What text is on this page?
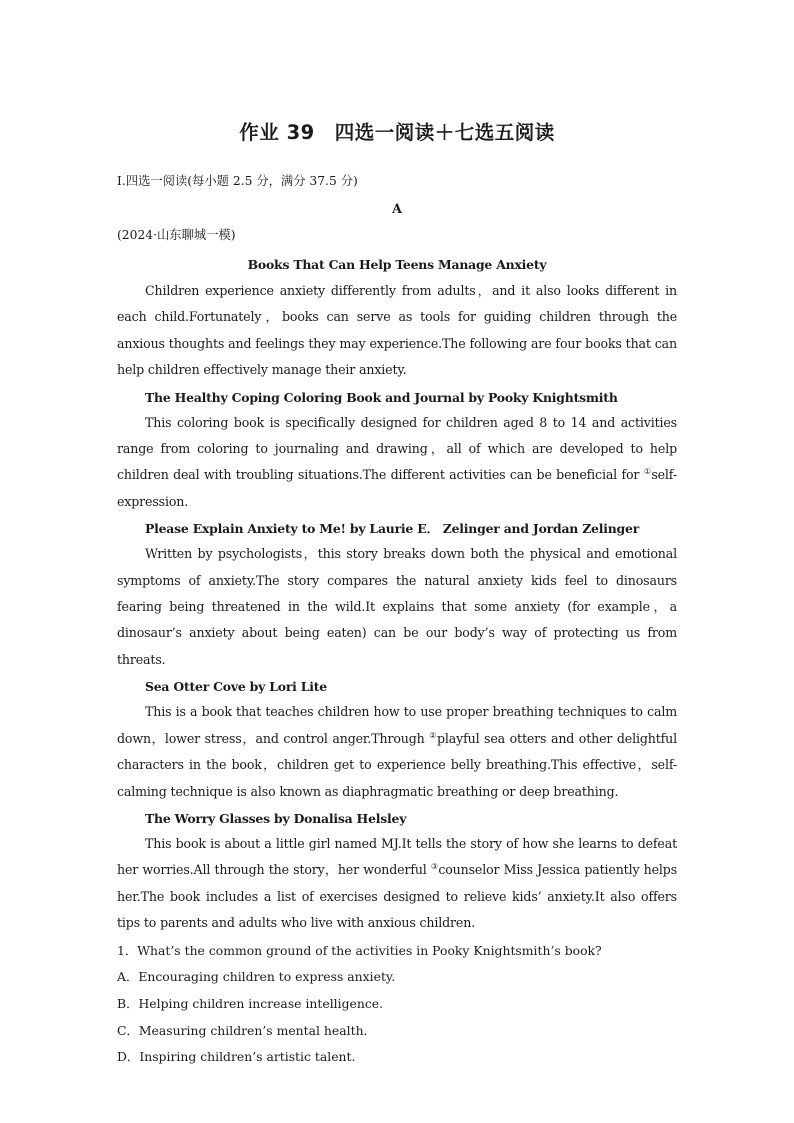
作业 39　四选一阅读＋七选五阅读
Ⅰ.四选一阅读(每小题 2.5 分，满分 37.5 分)
A
(2024·山东聊城一模)
Books That Can Help Teens Manage Anxiety

Children experience anxiety differently from adults，and it also looks different in each child.Fortunately，books can serve as tools for guiding children through the anxious thoughts and feelings they may experience.The following are four books that can help children effectively manage their anxiety.

The Healthy Coping Coloring Book and Journal by Pooky Knightsmith

This coloring book is specifically designed for children aged 8 to 14 and activities range from coloring to journaling and drawing，all of which are developed to help children deal with troubling situations.The different activities can be beneficial for ①self-expression.

Please Explain Anxiety to Me! by Laurie E． Zelinger and Jordan Zelinger

Written by psychologists，this story breaks down both the physical and emotional symptoms of anxiety.The story compares the natural anxiety kids feel to dinosaurs fearing being threatened in the wild.It explains that some anxiety (for example，a dinosaur’s anxiety about being eaten) can be our body’s way of protecting us from threats.

Sea Otter Cove by Lori Lite

This is a book that teaches children how to use proper breathing techniques to calm down，lower stress，and control anger.Through ②playful sea otters and other delightful characters in the book，children get to experience belly breathing.This effective，self-calming technique is also known as diaphragmatic breathing or deep breathing.

The Worry Glasses by Donalisa Helsley

This book is about a little girl named MJ.It tells the story of how she learns to defeat her worries.All through the story，her wonderful ③counselor Miss Jessica patiently helps her.The book includes a list of exercises designed to relieve kids’ anxiety.It also offers tips to parents and adults who live with anxious children.

1．What’s the common ground of the activities in Pooky Knightsmith’s book?
A．Encouraging children to express anxiety.
B．Helping children increase intelligence.
C．Measuring children’s mental health.
D．Inspiring children’s artistic talent.
